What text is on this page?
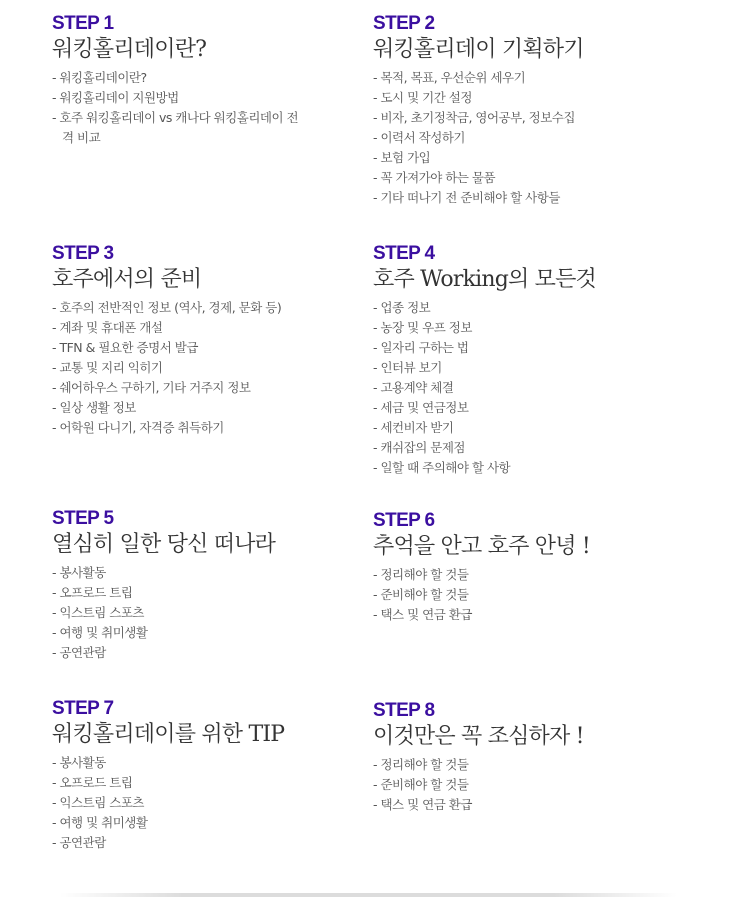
STEP 1
워킹홀리데이란?
- 워킹홀리데이란?
- 워킹홀리데이 지원방법
- 호주 워킹홀리데이 vs 캐나다 워킹홀리데이 전격 비교
STEP 2
워킹홀리데이 기획하기
- 목적, 목표, 우선순위 세우기
- 도시 및 기간 설정
- 비자, 초기정착금, 영어공부, 정보수집
- 이력서 작성하기
- 보험 가입
- 꼭 가져가야 하는 물품
- 기타 떠나기 전 준비해야 할 사항들
STEP 3
호주에서의 준비
- 호주의 전반적인 정보 (역사, 경제, 문화 등)
- 계좌 및 휴대폰 개설
- TFN & 필요한 증명서 발급
- 교통 및 지리 익히기
- 쉐어하우스 구하기, 기타 거주지 정보
- 일상 생활 정보
- 어학원 다니기, 자격증 취득하기
STEP 4
호주 Working의 모든것
- 업종 정보
- 농장 및 우프 정보
- 일자리 구하는 법
- 인터뷰 보기
- 고용계약 체결
- 세금 및 연금정보
- 세컨비자 받기
- 캐쉬잡의 문제점
- 일할 때 주의해야 할 사항
STEP 5
열심히 일한 당신 떠나라
- 봉사활동
- 오프로드 트립
- 익스트림 스포츠
- 여행 및 취미생활
- 공연관람
STEP 6
추억을 안고 호주 안녕 !
- 정리해야 할 것들
- 준비해야 할 것들
- 택스 및 연금 환급
STEP 7
워킹홀리데이를 위한 TIP
- 봉사활동
- 오프로드 트립
- 익스트림 스포츠
- 여행 및 취미생활
- 공연관람
STEP 8
이것만은 꼭 조심하자 !
- 정리해야 할 것들
- 준비해야 할 것들
- 택스 및 연금 환급
